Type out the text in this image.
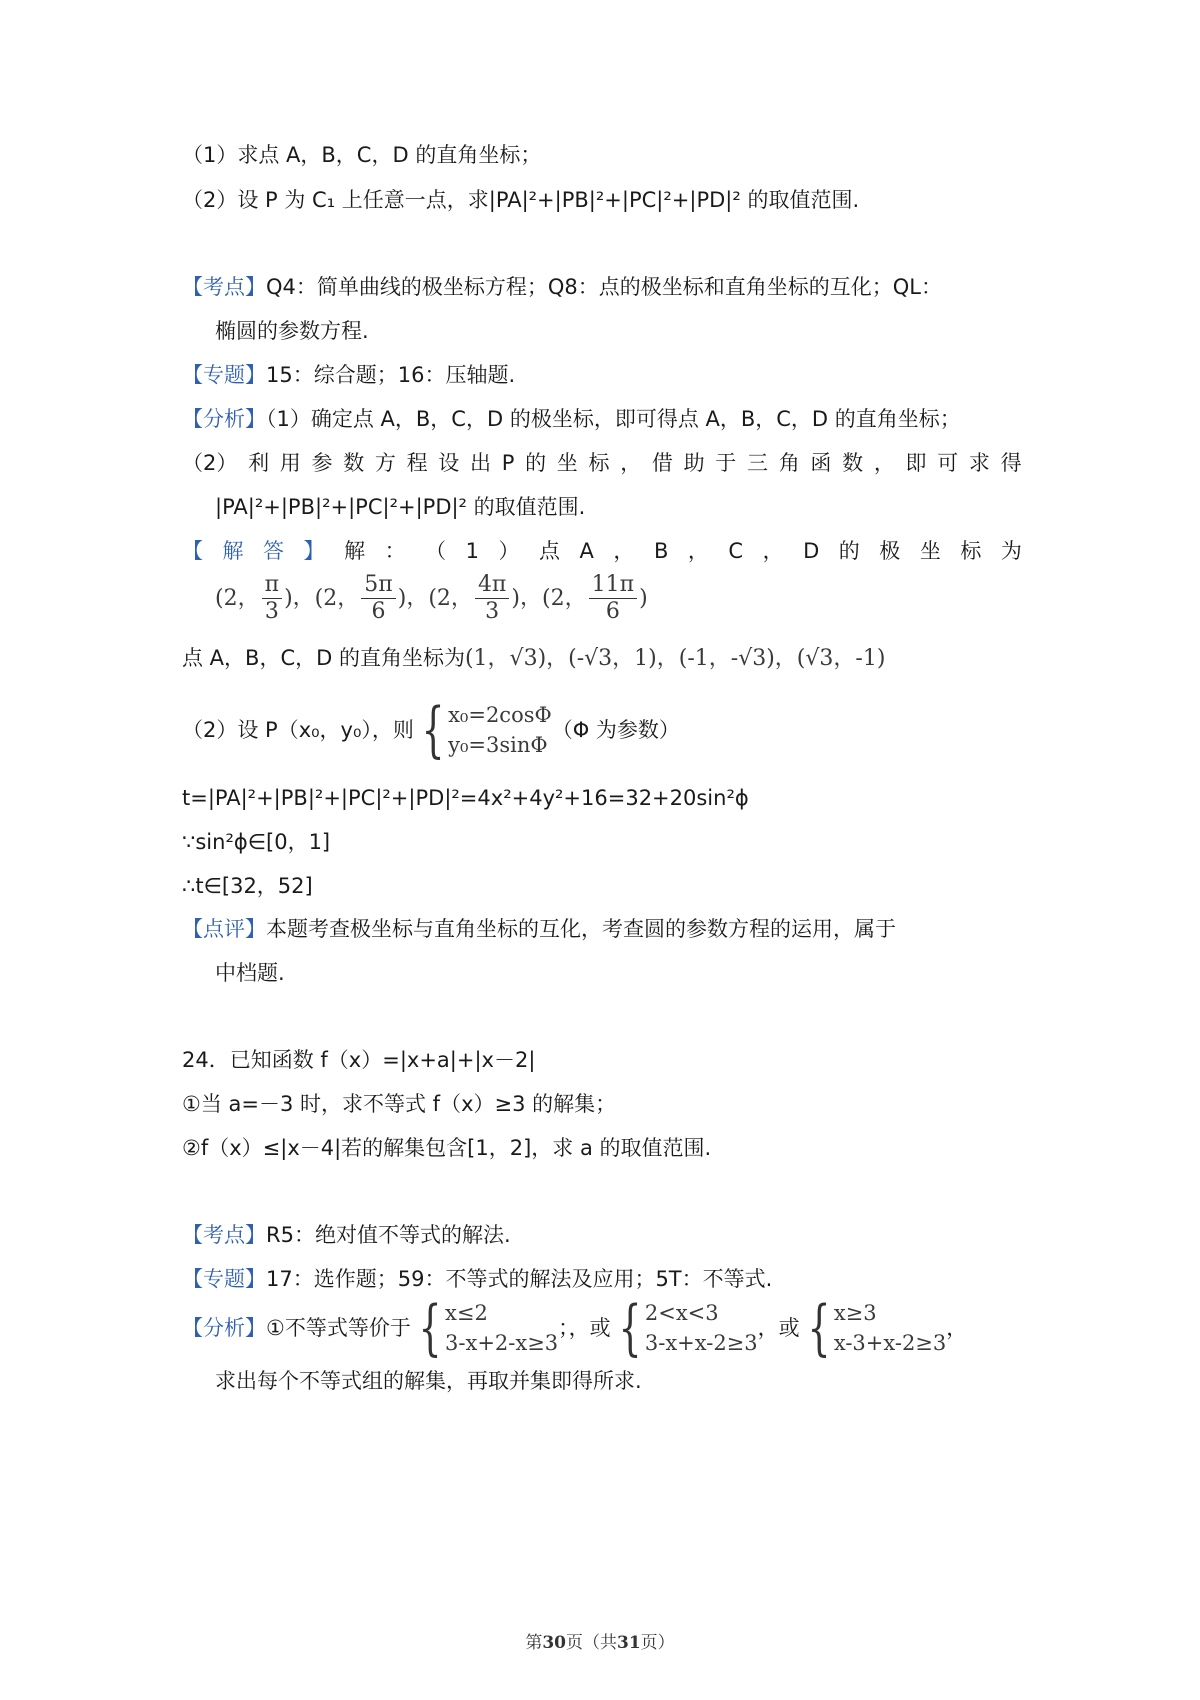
（1）求点 A，B，C，D 的直角坐标；
（2）设 P 为 C₁ 上任意一点，求|PA|²+|PB|²+|PC|²+|PD|² 的取值范围.
【考点】Q4：简单曲线的极坐标方程；Q8：点的极坐标和直角坐标的互化；QL：
椭圆的参数方程.
【专题】15：综合题；16：压轴题.
【分析】（1）确定点 A，B，C，D 的极坐标，即可得点 A，B，C，D 的直角坐标；
（2） 利 用 参 数 方 程 设 出 P 的 坐 标 ， 借 助 于 三 角 函 数 ， 即 可 求 得
|PA|²+|PB|²+|PC|²+|PD|² 的取值范围.
【 解 答 】 解 ： （ 1 ） 点 A ， B ， C ， D 的 极 坐 标 为
(2， $\frac{\pi}{3}$ )，(2， $\frac{5\pi}{6}$ )，(2， $\frac{4\pi}{3}$ )，(2， $\frac{11\pi}{6}$ )
点 A，B，C，D 的直角坐标为(1，√3)，(-√3，1)，(-1，-√3)，(√3，-1)
（2）设 P（x₀，y₀），则 { x₀=2cosΦ
y₀=3sinΦ
（Φ 为参数）
t=|PA|²+|PB|²+|PC|²+|PD|²=4x²+4y²+16=32+20sin²ϕ
∵sin²ϕ∈[0，1]
∴t∈[32，52]
【点评】本题考查极坐标与直角坐标的互化，考查圆的参数方程的运用，属于
中档题.
24．已知函数 f（x）=|x+a|+|x－2|
①当 a=－3 时，求不等式 f（x）≥3 的解集；
②f（x）≤|x－4|若的解集包含[1，2]，求 a 的取值范围.
【考点】R5：绝对值不等式的解法.
【专题】17：选作题；59：不等式的解法及应用；5T：不等式.
【分析】①不等式等价于 { x≤2
3-x+2-x≥3
；，或 { 2<x<3
3-x+x-2≥3
，或 { x≥3
x-3+x-2≥3
，
求出每个不等式组的解集，再取并集即得所求.
第30页（共31页）
